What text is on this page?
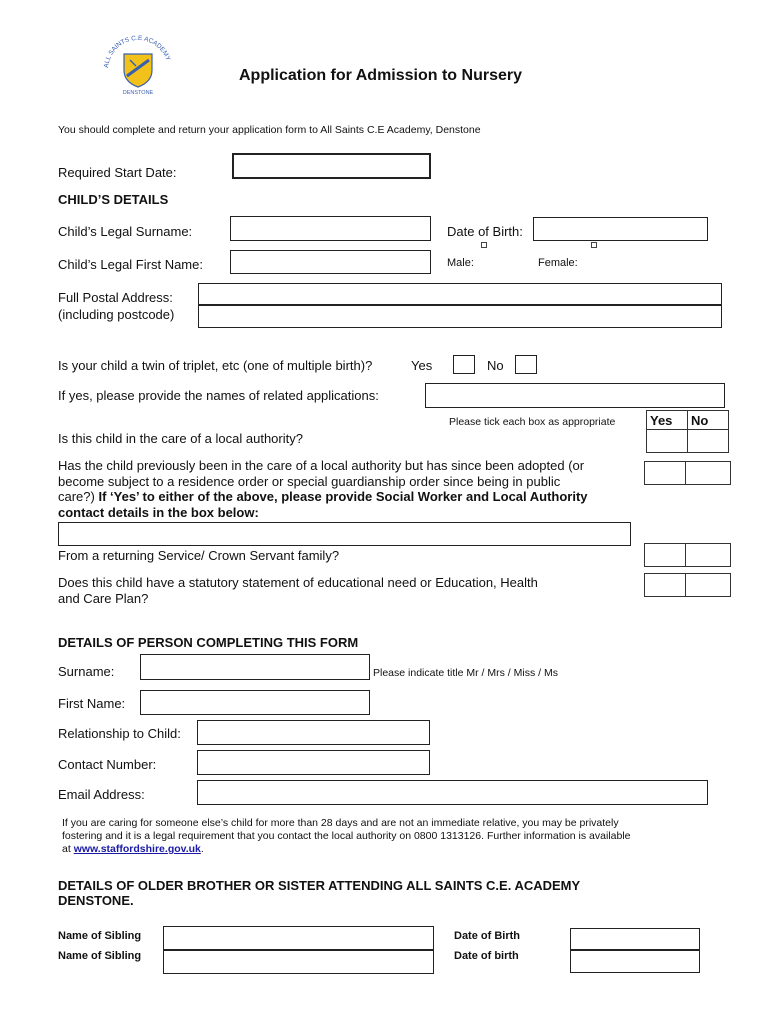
ALL SAINTS C.E ACADEMY
DENSTONE
Application for Admission to Nursery
You should complete and return your application form to All Saints C.E Academy, Denstone
Required Start Date:
CHILD’S DETAILS
Child’s Legal Surname:	Date of Birth:
Child’s Legal First Name:	Male:	Female:
Full Postal Address:
(including postcode)
Is your child a twin of triplet, etc (one of multiple birth)?	Yes	No
If yes, please provide the names of related applications:
Please tick each box as appropriate	Yes	No

Is this child in the care of a local authority?
Has the child previously been in the care of a local authority but has since been adopted (or
become subject to a residence order or special guardianship order since being in public
care?) If ‘Yes’ to either of the above, please provide Social Worker and Local Authority
contact details in the box below:

From a returning Service/ Crown Servant family?

Does this child have a statutory statement of educational need or Education, Health
and Care Plan?

DETAILS OF PERSON COMPLETING THIS FORM
Surname:	Please indicate title Mr / Mrs / Miss / Ms
First Name:
Relationship to Child:
Contact Number:
Email Address:
If you are caring for someone else’s child for more than 28 days and are not an immediate relative, you may be privately
fostering and it is a legal requirement that you contact the local authority on 0800 1313126. Further information is available
at www.staffordshire.gov.uk.
DETAILS OF OLDER BROTHER OR SISTER ATTENDING ALL SAINTS C.E. ACADEMY
DENSTONE.
Name of Sibling	Date of Birth
Name of Sibling	Date of birth
